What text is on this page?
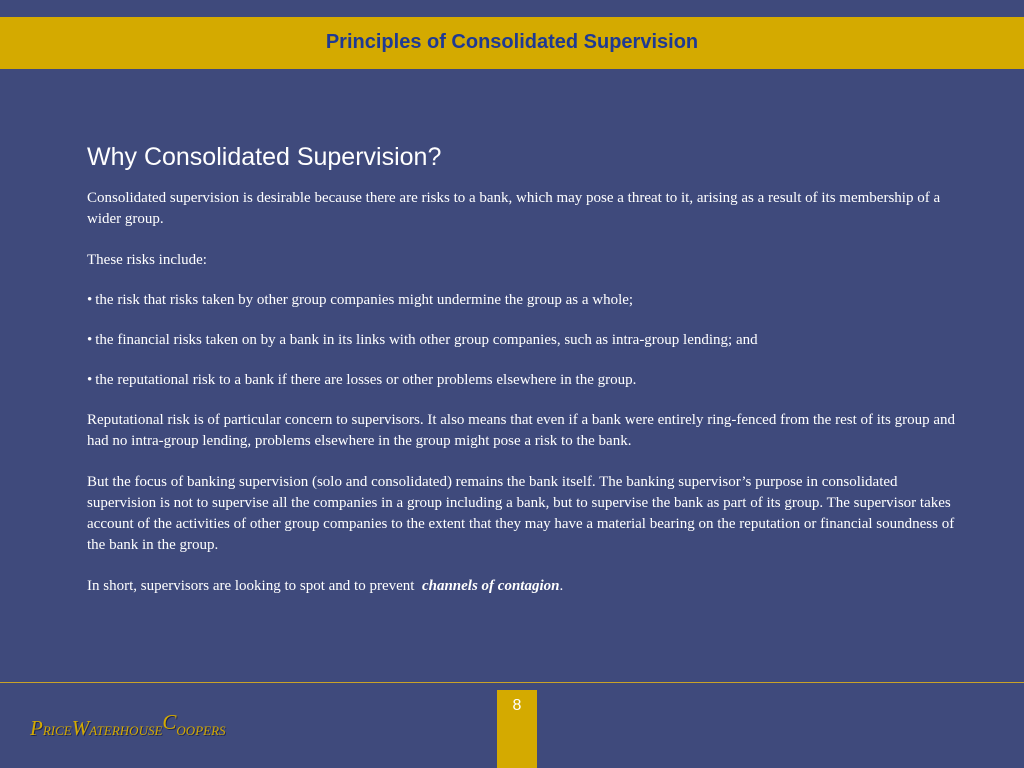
Principles of Consolidated Supervision
Why Consolidated Supervision?

Consolidated supervision is desirable because there are risks to a bank, which may pose a threat to it, arising as a result of its membership of a wider group.

These risks include:

• the risk that risks taken by other group companies might undermine the group as a whole;

• the financial risks taken on by a bank in its links with other group companies, such as intra-group lending; and

• the reputational risk to a bank if there are losses or other problems elsewhere in the group.

Reputational risk is of particular concern to supervisors. It also means that even if a bank were entirely ring-fenced from the rest of its group and had no intra-group lending, problems elsewhere in the group might pose a risk to the bank.

But the focus of banking supervision (solo and consolidated) remains the bank itself. The banking supervisor’s purpose in consolidated supervision is not to supervise all the companies in a group including a bank, but to supervise the bank as part of its group. The supervisor takes account of the activities of other group companies to the extent that they may have a material bearing on the reputation or financial soundness of the bank in the group.

In short, supervisors are looking to spot and to prevent  channels of contagion.

8
PRICEWATERHOUSECOOPERS
